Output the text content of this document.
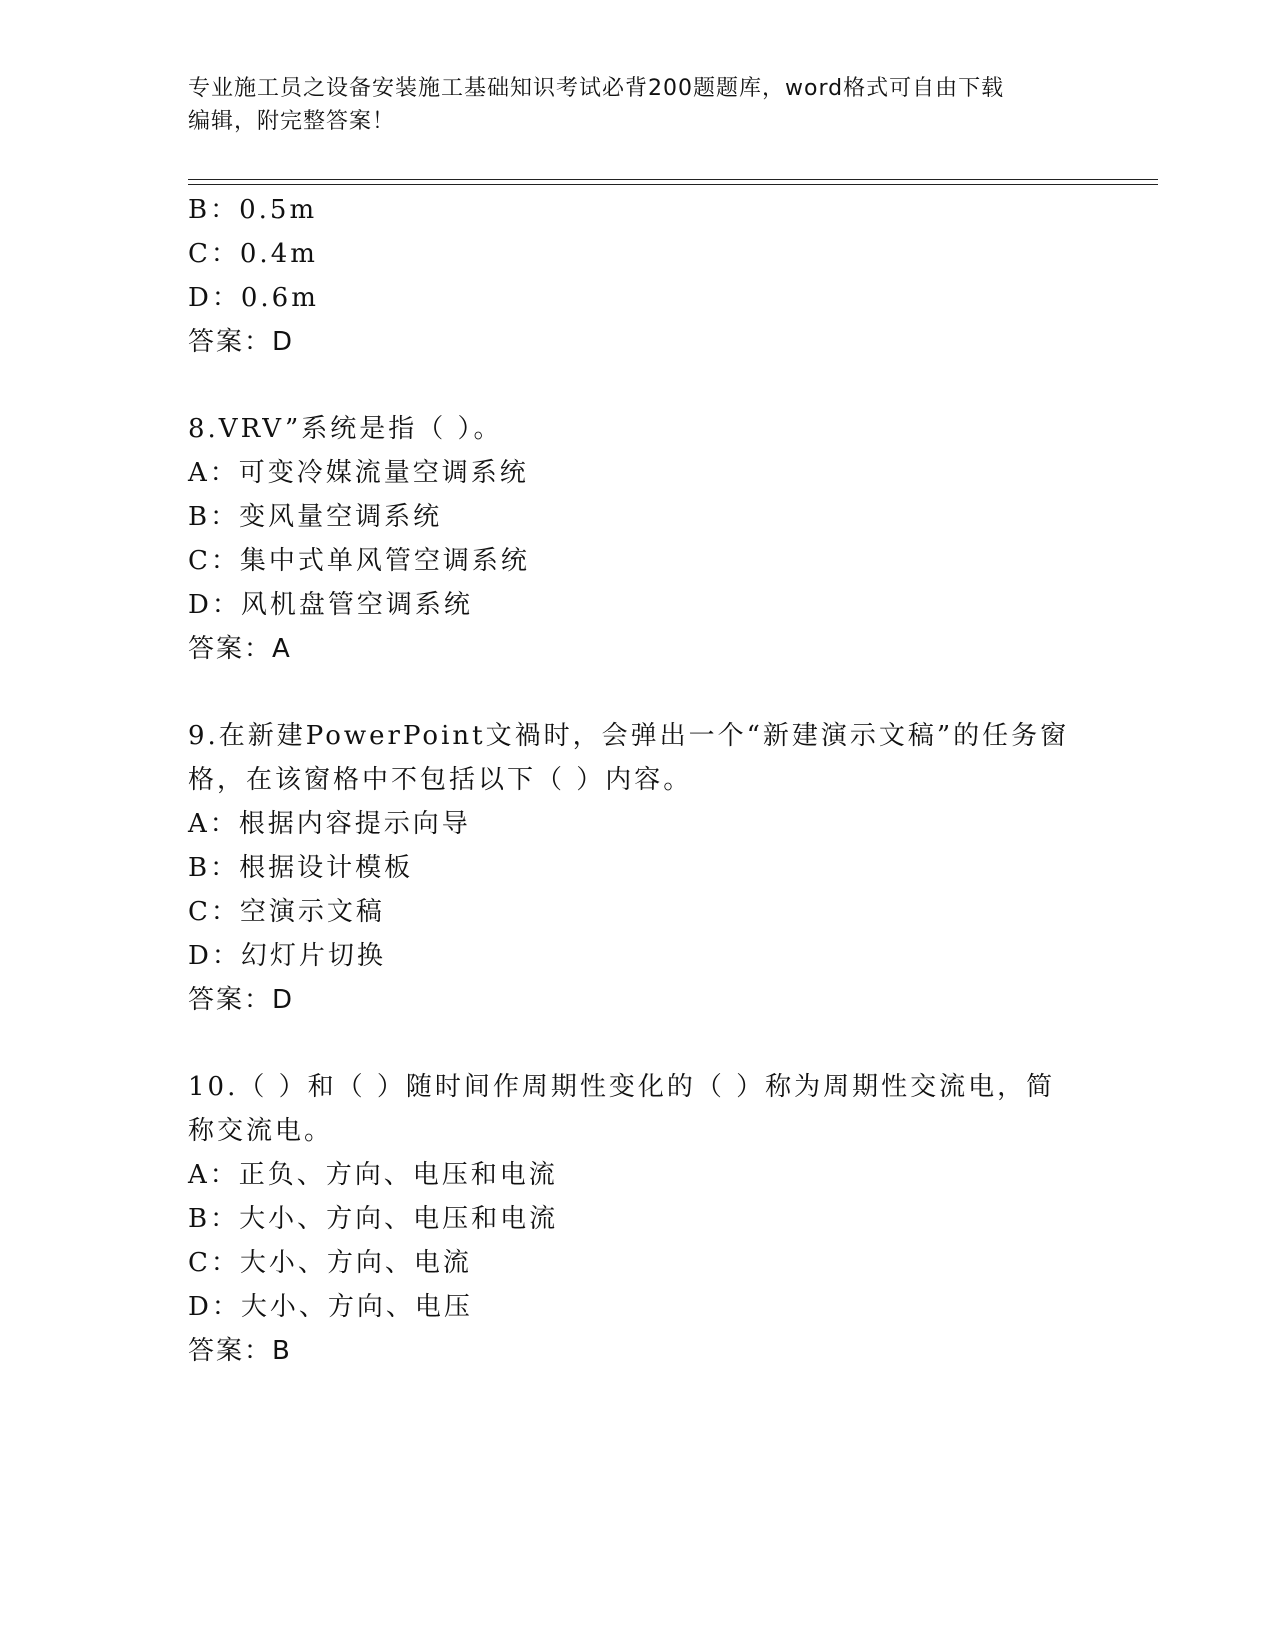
专业施工员之设备安装施工基础知识考试必背200题题库，word格式可自由下载
编辑，附完整答案！
B：0.5m
C：0.4m
D：0.6m
答案：D
8.VRV”系统是指（ ）。
A：可变冷媒流量空调系统
B：变风量空调系统
C：集中式单风管空调系统
D：风机盘管空调系统
答案：A
9.在新建PowerPoint文禍时，会弹出一个“新建演示文稿”的任务窗
格，在该窗格中不包括以下（ ）内容。
A：根据内容提示向导
B：根据设计模板
C：空演示文稿
D：幻灯片切换
答案：D
10.（ ）和（ ）随时间作周期性变化的（ ）称为周期性交流电，简
称交流电。
A：正负、方向、电压和电流
B：大小、方向、电压和电流
C：大小、方向、电流
D：大小、方向、电压
答案：B
